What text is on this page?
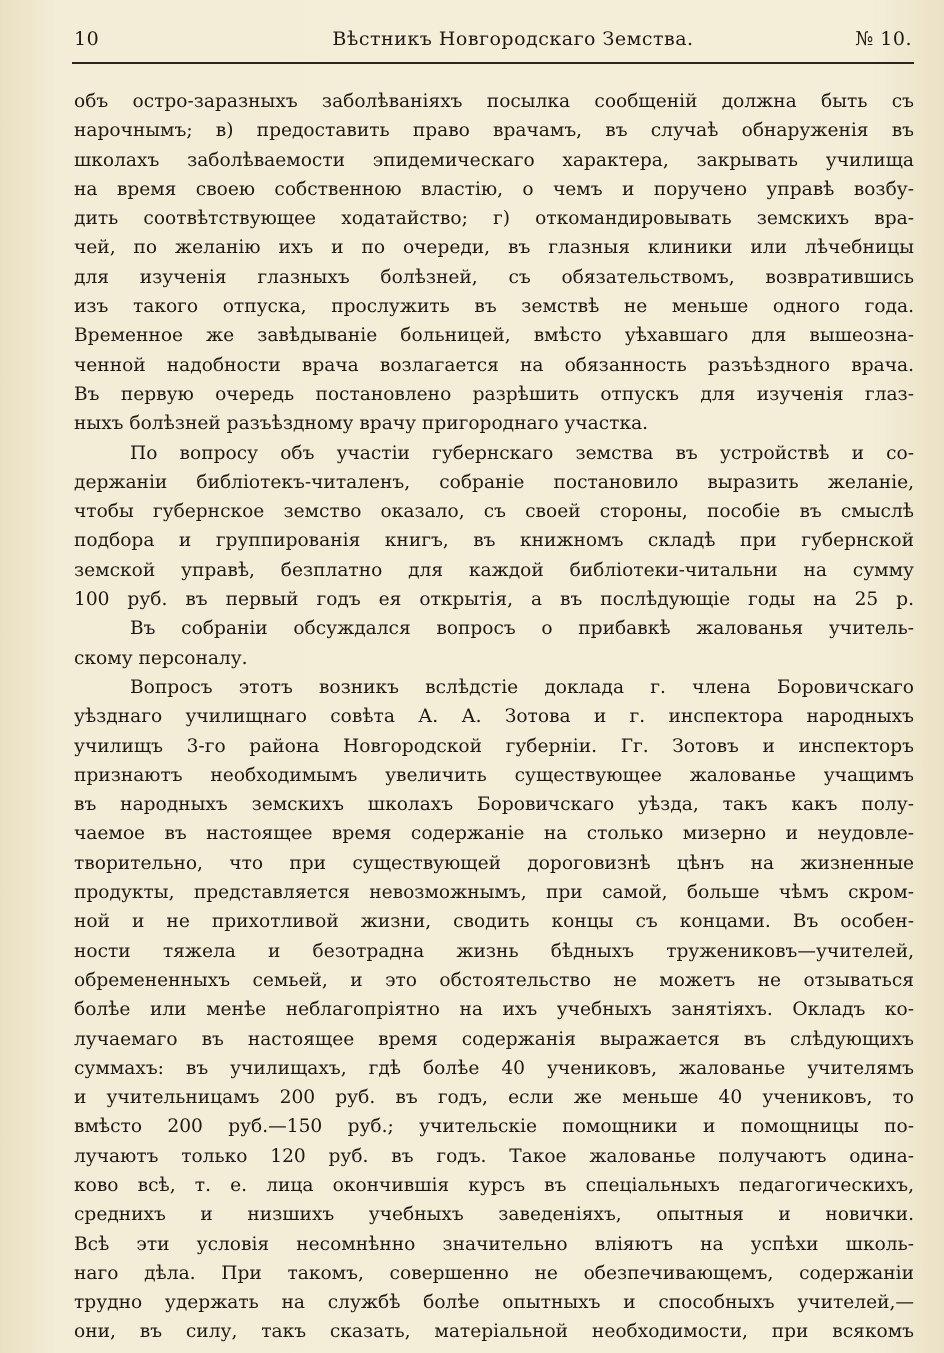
10	Вѣстникъ Новгородскаго Земства.	№ 10.
объ остро-заразныхъ заболѣваніяхъ посылка сообщеній должна быть съ
нарочнымъ; в) предоставить право врачамъ, въ случаѣ обнаруженія въ
школахъ заболѣваемости эпидемическаго характера, закрывать училища
на время своею собственною властію, о чемъ и поручено управѣ возбу-
дить соотвѣтствующее ходатайство; г) откомандировывать земскихъ вра-
чей, по желанію ихъ и по очереди, въ глазныя клиники или лѣчебницы
для изученія глазныхъ болѣзней, съ обязательствомъ, возвратившись
изъ такого отпуска, прослужить въ земствѣ не меньше одного года.
Временное же завѣдываніе больницей, вмѣсто уѣхавшаго для вышеозна-
ченной надобности врача возлагается на обязанность разъѣздного врача.
Въ первую очередь постановлено разрѣшить отпускъ для изученія глаз-
ныхъ болѣзней разъѣздному врачу пригороднаго участка.
По вопросу объ участіи губернскаго земства въ устройствѣ и со-
держаніи библіотекъ-читаленъ, собраніе постановило выразить желаніе,
чтобы губернское земство оказало, съ своей стороны, пособіе въ смыслѣ
подбора и группированія книгъ, въ книжномъ складѣ при губернской
земской управѣ, безплатно для каждой библіотеки-читальни на сумму
100 руб. въ первый годъ ея открытія, а въ послѣдующіе годы на 25 р.
Въ собраніи обсуждался вопросъ о прибавкѣ жалованья учитель-
скому персоналу.
Вопросъ этотъ возникъ вслѣдстіе доклада г. члена Боровичскаго
уѣзднаго училищнаго совѣта А. А. Зотова и г. инспектора народныхъ
училищъ 3-го района Новгородской губерніи. Гг. Зотовъ и инспекторъ
признаютъ необходимымъ увеличить существующее жалованье учащимъ
въ народныхъ земскихъ школахъ Боровичскаго уѣзда, такъ какъ полу-
чаемое въ настоящее время содержаніе на столько мизерно и неудовле-
творительно, что при существующей дороговизнѣ цѣнъ на жизненные
продукты, представляется невозможнымъ, при самой, больше чѣмъ скром-
ной и не прихотливой жизни, сводить концы съ концами. Въ особен-
ности тяжела и безотрадна жизнь бѣдныхъ тружениковъ—учителей,
обремененныхъ семьей, и это обстоятельство не можетъ не отзываться
болѣе или менѣе неблагопріятно на ихъ учебныхъ занятіяхъ. Окладъ ко-
лучаемаго въ настоящее время содержанія выражается въ слѣдующихъ
суммахъ: въ училищахъ, гдѣ болѣе 40 учениковъ, жалованье учителямъ
и учительницамъ 200 руб. въ годъ, если же меньше 40 учениковъ, то
вмѣсто 200 руб.—150 руб.; учительскіе помощники и помощницы по-
лучаютъ только 120 руб. въ годъ. Такое жалованье получаютъ одина-
ково всѣ, т. е. лица окончившія курсъ въ спеціальныхъ педагогическихъ,
среднихъ и низшихъ учебныхъ заведеніяхъ, опытныя и новички.
Всѣ эти условія несомнѣнно значительно вліяютъ на успѣхи школь-
наго дѣла. При такомъ, совершенно не обезпечивающемъ, содержаніи
трудно удержать на службѣ болѣе опытныхъ и способныхъ учителей,—
они, въ силу, такъ сказать, матеріальной необходимости, при всякомъ
